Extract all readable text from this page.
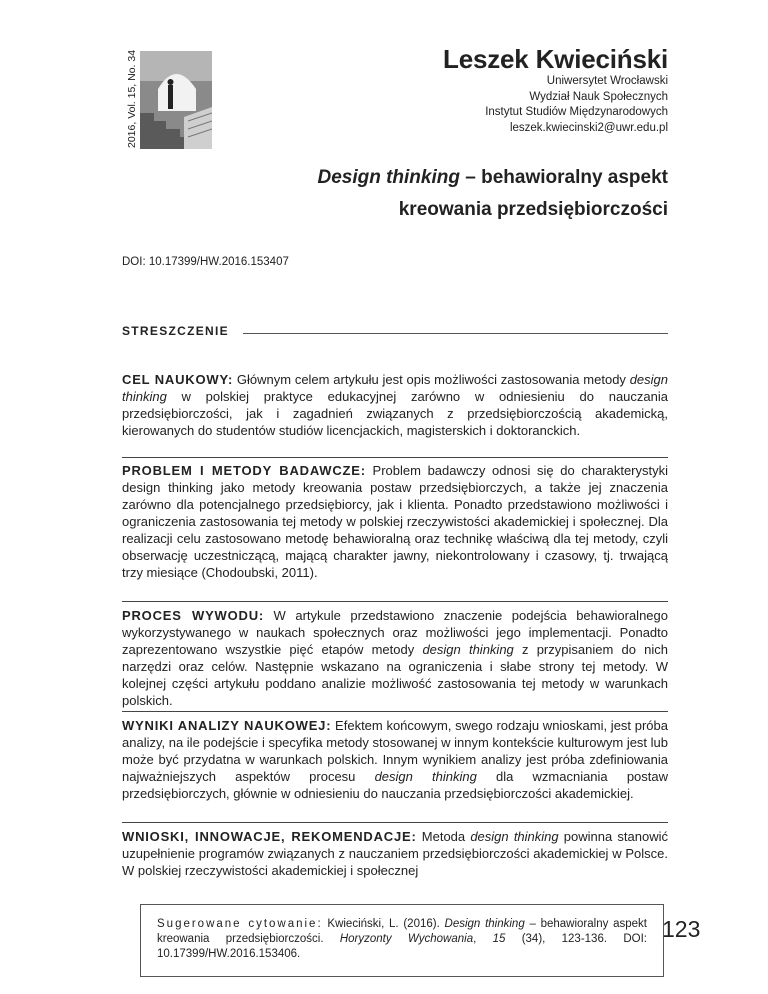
2016, Vol. 15, No. 34	Leszek Kwieciński
Uniwersytet Wrocławski
Wydział Nauk Społecznych
Instytut Studiów Międzynarodowych
leszek.kwiecinski2@uwr.edu.pl
Design thinking – behawioralny aspekt
kreowania przedsiębiorczości
DOI: 10.17399/HW.2016.153407
STRESZCZENIE
CEL NAUKOWY: Głównym celem artykułu jest opis możliwości zastosowania metody design thinking w polskiej praktyce edukacyjnej zarówno w odniesieniu do nauczania przedsiębiorczości, jak i zagadnień związanych z przedsiębiorczością akademicką, kierowanych do studentów studiów licencjackich, magisterskich i doktoranckich.
PROBLEM I METODY BADAWCZE: Problem badawczy odnosi się do charakterystyki design thinking jako metody kreowania postaw przedsiębiorczych, a także jej znaczenia zarówno dla potencjalnego przedsiębiorcy, jak i klienta. Ponadto przedstawiono możliwości i ograniczenia zastosowania tej metody w polskiej rzeczywistości akademickiej i społecznej. Dla realizacji celu zastosowano metodę behawioralną oraz technikę właściwą dla tej metody, czyli obserwację uczestniczącą, mającą charakter jawny, niekontrolowany i czasowy, tj. trwającą trzy miesiące (Chodoubski, 2011).
PROCES WYWODU: W artykule przedstawiono znaczenie podejścia behawioralnego wykorzystywanego w naukach społecznych oraz możliwości jego implementacji. Ponadto zaprezentowano wszystkie pięć etapów metody design thinking z przypisaniem do nich narzędzi oraz celów. Następnie wskazano na ograniczenia i słabe strony tej metody. W kolejnej części artykułu poddano analizie możliwość zastosowania tej metody w warunkach polskich.
WYNIKI ANALIZY NAUKOWEJ: Efektem końcowym, swego rodzaju wnioskami, jest próba analizy, na ile podejście i specyfika metody stosowanej w innym kontekście kulturowym jest lub może być przydatna w warunkach polskich. Innym wynikiem analizy jest próba zdefiniowania najważniejszych aspektów procesu design thinking dla wzmacniania postaw przedsiębiorczych, głównie w odniesieniu do nauczania przedsiębiorczości akademickiej.
WNIOSKI, INNOWACJE, REKOMENDACJE: Metoda design thinking powinna stanowić uzupełnienie programów związanych z nauczaniem przedsiębiorczości akademickiej w Polsce. W polskiej rzeczywistości akademickiej i społecznej
Sugerowane cytowanie: Kwieciński, L. (2016). Design thinking – behawioralny aspekt kreowania przedsiębiorczości. Horyzonty Wychowania, 15 (34), 123-136. DOI: 10.17399/HW.2016.153406.
123
